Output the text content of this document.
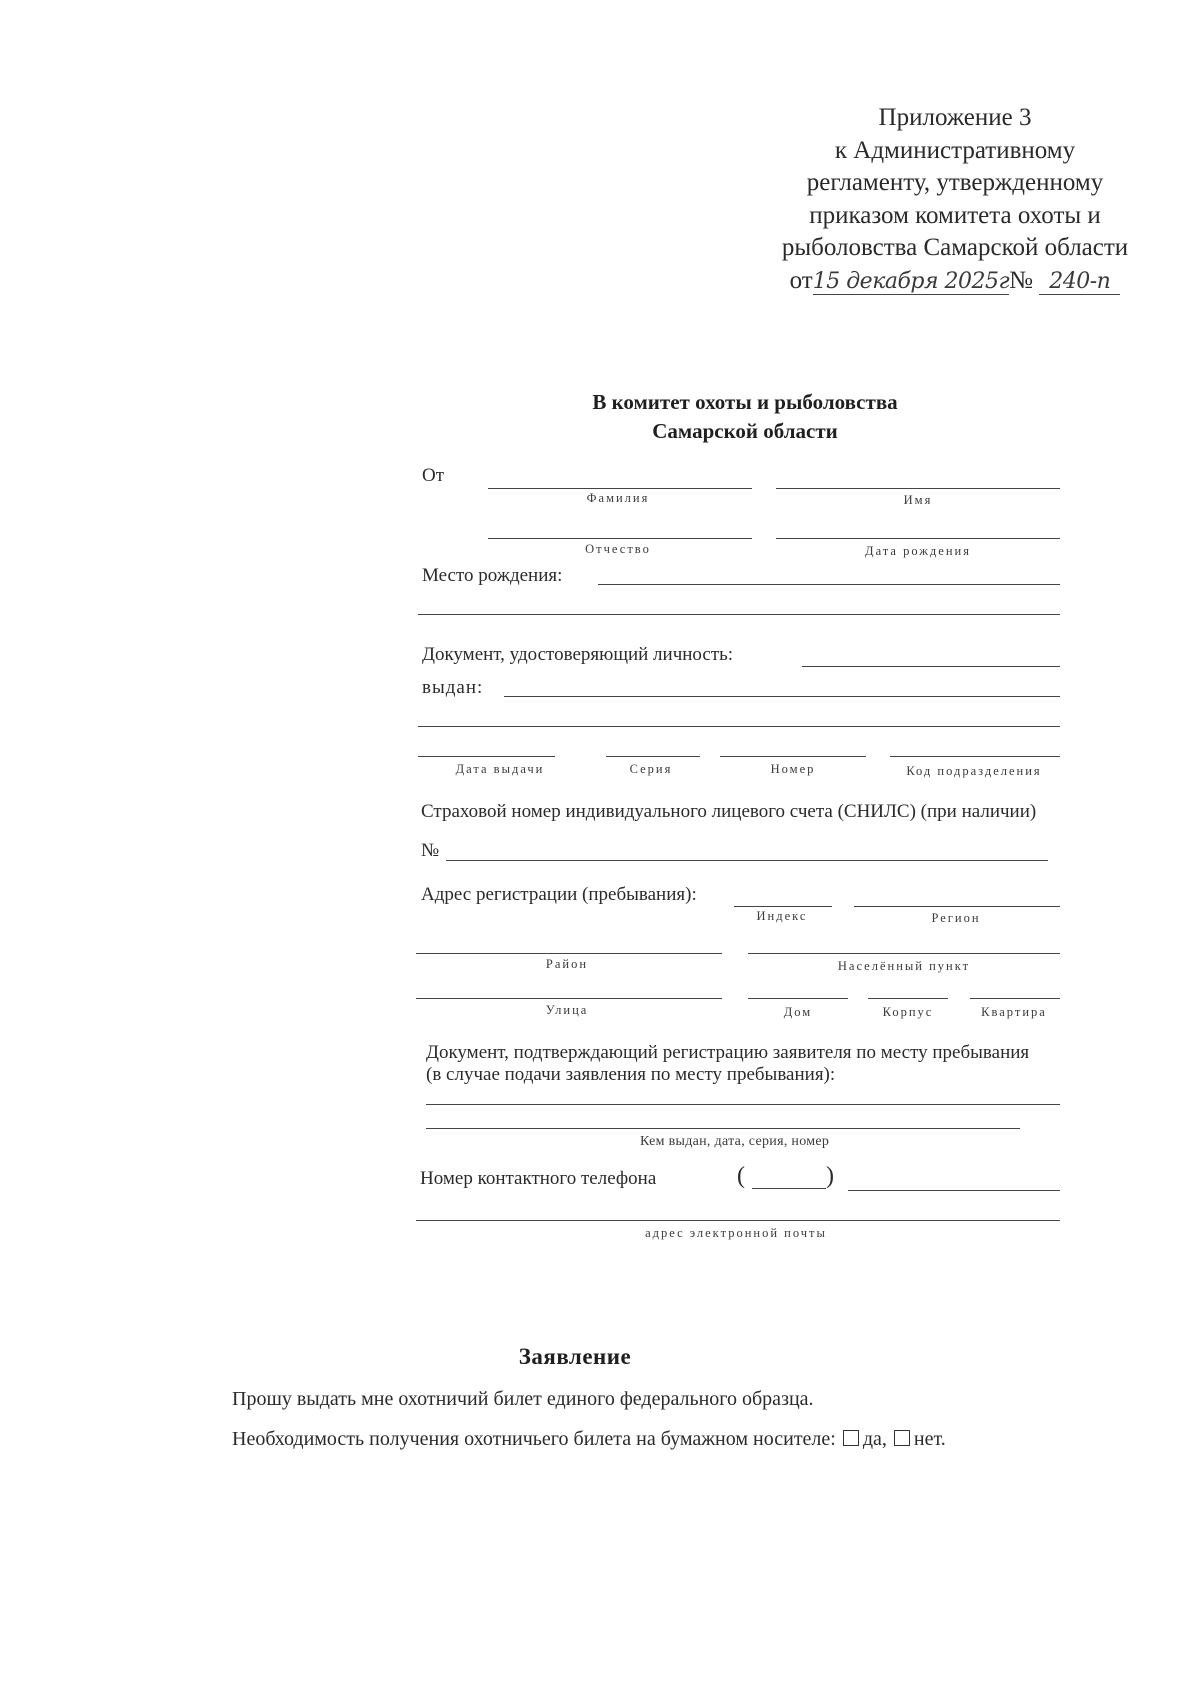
Приложение 3
к Административному
регламенту, утвержденному
приказом комитета охоты и
рыболовства Самарской области
от15 декабря 2025г№ 240-п
В комитет охоты и рыболовства
Самарской области
От
Фамилия	Имя
Отчество	Дата рождения
Место рождения:
Документ, удостоверяющий личность:
выдан:
Дата выдачи	Серия	Номер	Код подразделения
Страховой номер индивидуального лицевого счета (СНИЛС) (при наличии)
№
Адрес регистрации (пребывания):
Индекс	Регион
Район	Населённый пункт
Улица	Дом	Корпус	Квартира
Документ, подтверждающий регистрацию заявителя по месту пребывания
(в случае подачи заявления по месту пребывания):
Кем выдан, дата, серия, номер
Номер контактного телефона	(	)
адрес электронной почты
Заявление
Прошу выдать мне охотничий билет единого федерального образца.
Необходимость получения охотничьего билета на бумажном носителе: да, нет.
